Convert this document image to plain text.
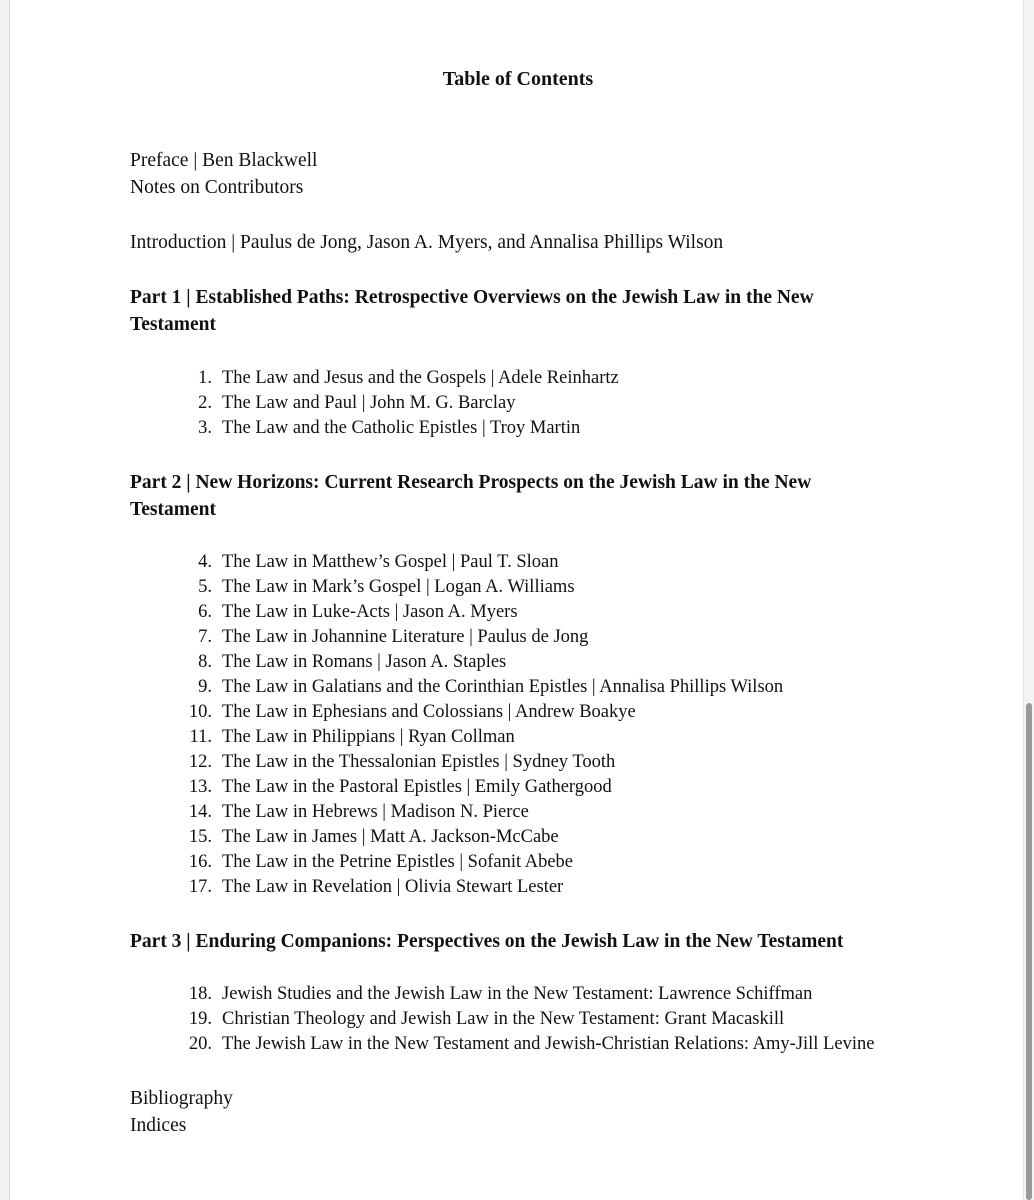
Table of Contents
Preface | Ben Blackwell
Notes on Contributors
Introduction | Paulus de Jong, Jason A. Myers, and Annalisa Phillips Wilson
Part 1 | Established Paths: Retrospective Overviews on the Jewish Law in the New Testament
1. The Law and Jesus and the Gospels | Adele Reinhartz
2. The Law and Paul | John M. G. Barclay
3. The Law and the Catholic Epistles | Troy Martin
Part 2 | New Horizons: Current Research Prospects on the Jewish Law in the New Testament
4. The Law in Matthew’s Gospel | Paul T. Sloan
5. The Law in Mark’s Gospel | Logan A. Williams
6. The Law in Luke-Acts | Jason A. Myers
7. The Law in Johannine Literature | Paulus de Jong
8. The Law in Romans | Jason A. Staples
9. The Law in Galatians and the Corinthian Epistles | Annalisa Phillips Wilson
10. The Law in Ephesians and Colossians | Andrew Boakye
11. The Law in Philippians | Ryan Collman
12. The Law in the Thessalonian Epistles | Sydney Tooth
13. The Law in the Pastoral Epistles | Emily Gathergood
14. The Law in Hebrews | Madison N. Pierce
15. The Law in James | Matt A. Jackson-McCabe
16. The Law in the Petrine Epistles | Sofanit Abebe
17. The Law in Revelation | Olivia Stewart Lester
Part 3 | Enduring Companions: Perspectives on the Jewish Law in the New Testament
18. Jewish Studies and the Jewish Law in the New Testament: Lawrence Schiffman
19. Christian Theology and Jewish Law in the New Testament: Grant Macaskill
20. The Jewish Law in the New Testament and Jewish-Christian Relations: Amy-Jill Levine
Bibliography
Indices
